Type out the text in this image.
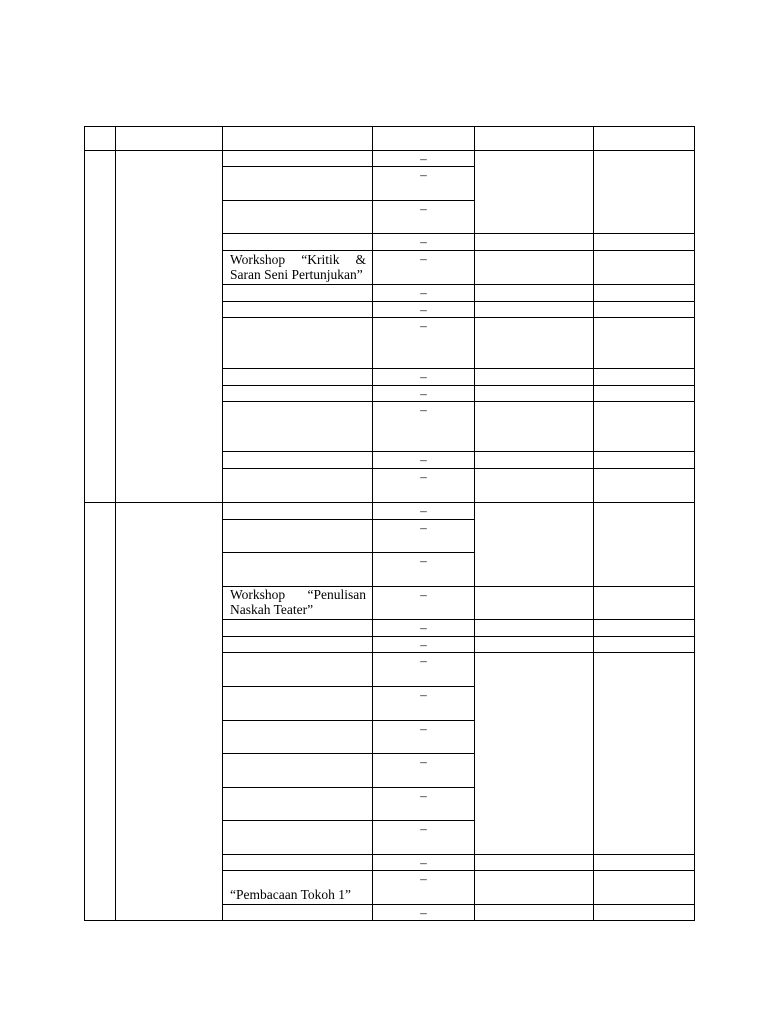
–
–
–
–
–
–
–
–
–
–
–
–
–
–
–
–
–
–
–
–
–
–
–
–
–
–
–
–
Workshop “Kritik &
Saran Seni Pertunjukan”
Workshop “Penulisan
Naskah Teater”
“Pembacaan Tokoh 1”
